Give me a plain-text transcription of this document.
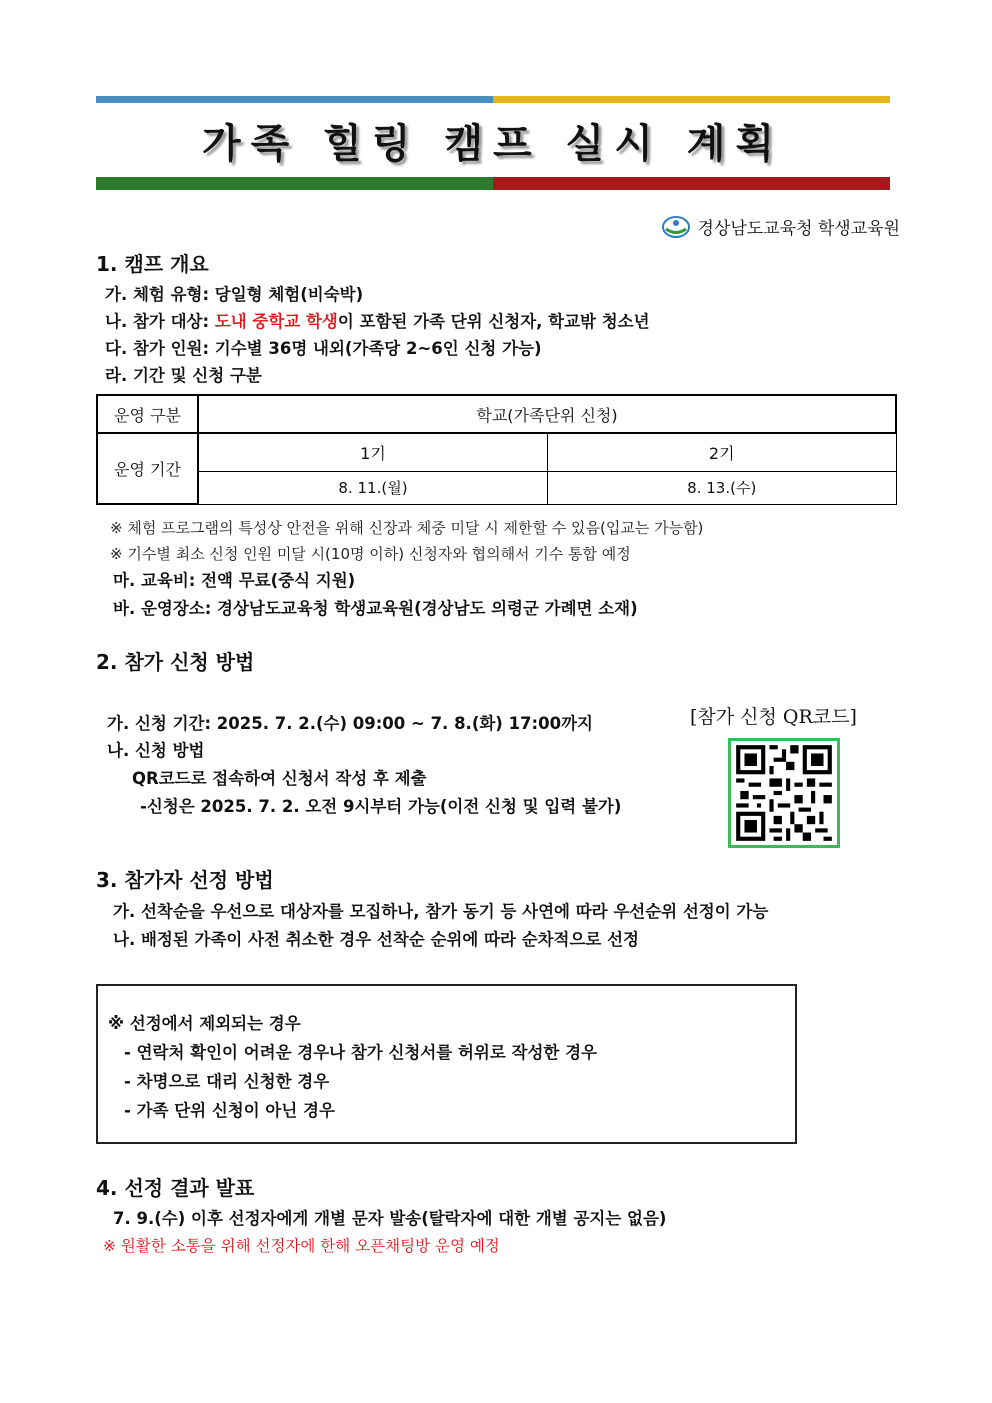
가족 힐링 캠프 실시 계획
경상남도교육청 학생교육원
1. 캠프 개요
가. 체험 유형: 당일형 체험(비숙박)
나. 참가 대상: 도내 중학교 학생이 포함된 가족 단위 신청자, 학교밖 청소년
다. 참가 인원: 기수별 36명 내외(가족당 2~6인 신청 가능)
라. 기간 및 신청 구분
운영 구분	학교(가족단위 신청)	
운영 기간	1기	2기
	8. 11.(월)	8. 13.(수)
※ 체험 프로그램의 특성상 안전을 위해 신장과 체중 미달 시 제한할 수 있음(입교는 가능함)
※ 기수별 최소 신청 인원 미달 시(10명 이하) 신청자와 협의해서 기수 통합 예정
마. 교육비: 전액 무료(중식 지원)
바. 운영장소: 경상남도교육청 학생교육원(경상남도 의령군 가례면 소재)
2. 참가 신청 방법
가. 신청 기간: 2025. 7. 2.(수) 09:00 ~ 7. 8.(화) 17:00까지
나. 신청 방법
QR코드로 접속하여 신청서 작성 후 제출
-신청은 2025. 7. 2. 오전 9시부터 가능(이전 신청 및 입력 불가)
[참가 신청 QR코드]
3. 참가자 선정 방법
가. 선착순을 우선으로 대상자를 모집하나, 참가 동기 등 사연에 따라 우선순위 선정이 가능
나. 배정된 가족이 사전 취소한 경우 선착순 순위에 따라 순차적으로 선정
※ 선정에서 제외되는 경우
- 연락처 확인이 어려운 경우나 참가 신청서를 허위로 작성한 경우
- 차명으로 대리 신청한 경우
- 가족 단위 신청이 아닌 경우
4. 선정 결과 발표
7. 9.(수) 이후 선정자에게 개별 문자 발송(탈락자에 대한 개별 공지는 없음)
※ 원활한 소통을 위해 선정자에 한해 오픈채팅방 운영 예정
